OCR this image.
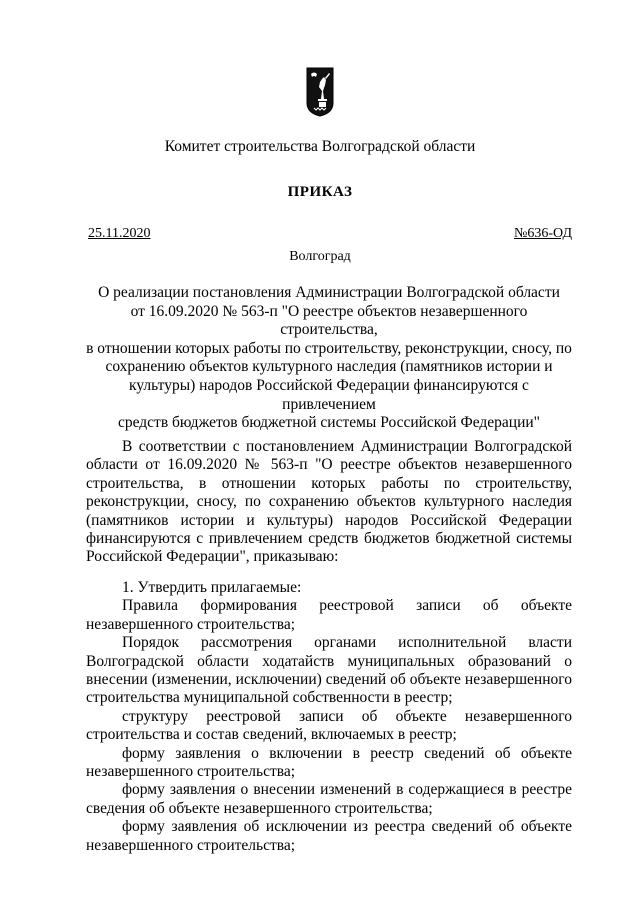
Комитет строительства Волгоградской области
ПРИКАЗ
25.11.2020	№636-ОД
Волгоград
О реализации постановления Администрации Волгоградской области
от 16.09.2020 № 563-п "О реестре объектов незавершенного строительства,
в отношении которых работы по строительству, реконструкции, сносу, по
сохранению объектов культурного наследия (памятников истории и
культуры) народов Российской Федерации финансируются с привлечением
средств бюджетов бюджетной системы Российской Федерации"

В соответствии с постановлением Администрации Волгоградской области от 16.09.2020 № 563-п "О реестре объектов незавершенного строительства, в отношении которых работы по строительству, реконструкции, сносу, по сохранению объектов культурного наследия (памятников истории и культуры) народов Российской Федерации финансируются с привлечением средств бюджетов бюджетной системы Российской Федерации", приказываю:

1. Утвердить прилагаемые:

Правила формирования реестровой записи об объекте незавершенного строительства;

Порядок рассмотрения органами исполнительной власти Волгоградской области ходатайств муниципальных образований о внесении (изменении, исключении) сведений об объекте незавершенного строительства муниципальной собственности в реестр;

структуру реестровой записи об объекте незавершенного строительства и состав сведений, включаемых в реестр;

форму заявления о включении в реестр сведений об объекте незавершенного строительства;

форму заявления о внесении изменений в содержащиеся в реестре сведения об объекте незавершенного строительства;

форму заявления об исключении из реестра сведений об объекте незавершенного строительства;
